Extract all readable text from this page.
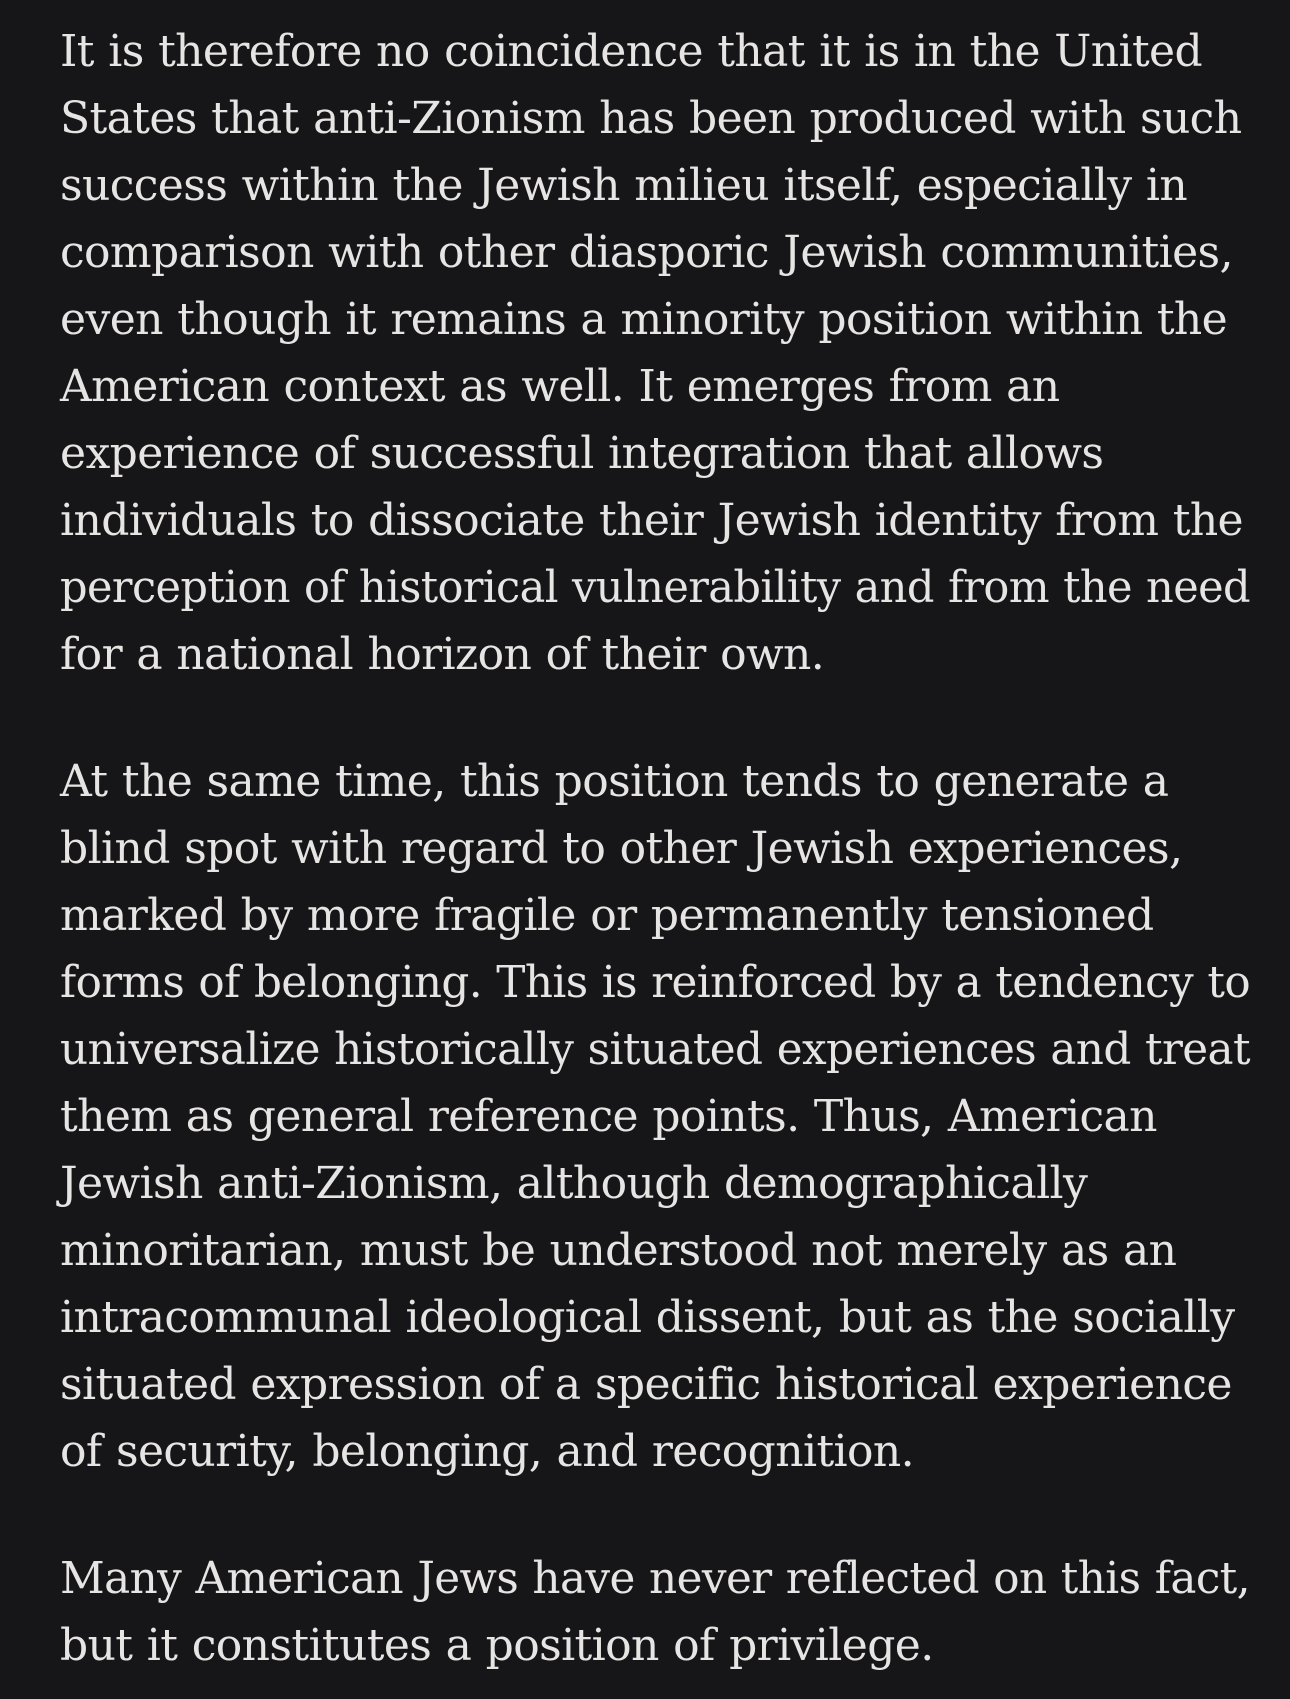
It is therefore no coincidence that it is in the United
States that anti-Zionism has been produced with such
success within the Jewish milieu itself, especially in
comparison with other diasporic Jewish communities,
even though it remains a minority position within the
American context as well. It emerges from an
experience of successful integration that allows
individuals to dissociate their Jewish identity from the
perception of historical vulnerability and from the need
for a national horizon of their own.

At the same time, this position tends to generate a
blind spot with regard to other Jewish experiences,
marked by more fragile or permanently tensioned
forms of belonging. This is reinforced by a tendency to
universalize historically situated experiences and treat
them as general reference points. Thus, American
Jewish anti-Zionism, although demographically
minoritarian, must be understood not merely as an
intracommunal ideological dissent, but as the socially
situated expression of a specific historical experience
of security, belonging, and recognition.

Many American Jews have never reflected on this fact,
but it constitutes a position of privilege.
